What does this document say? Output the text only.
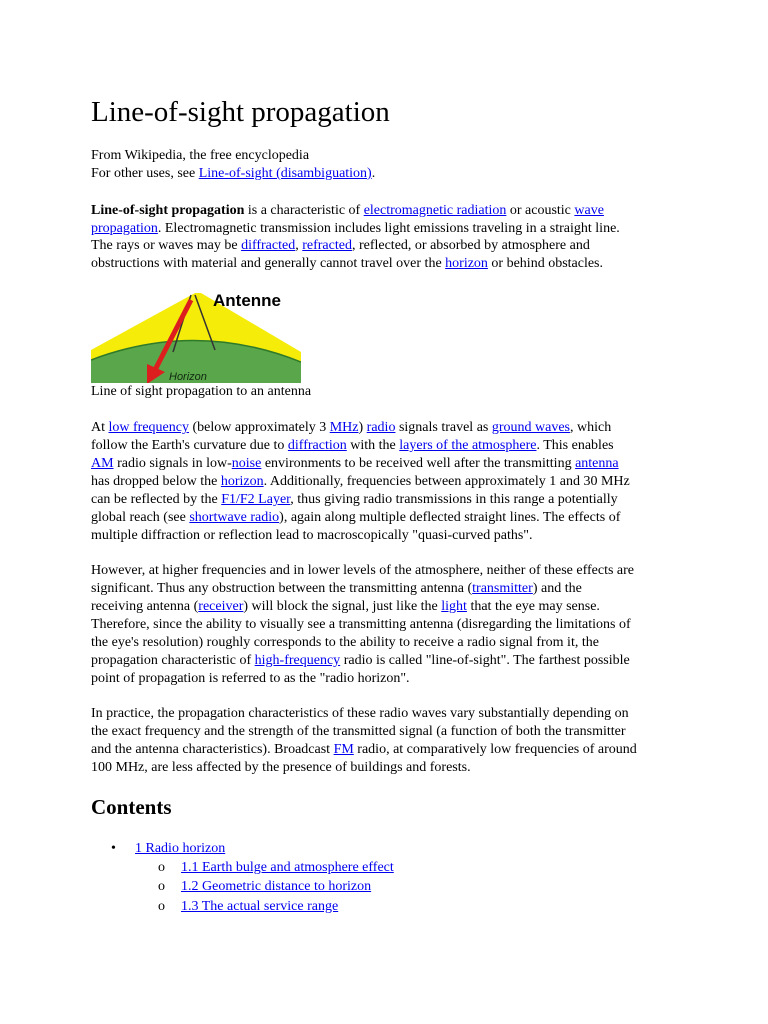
Line-of-sight propagation
From Wikipedia, the free encyclopedia
For other uses, see Line-of-sight (disambiguation).
Line-of-sight propagation is a characteristic of electromagnetic radiation or acoustic wave
propagation. Electromagnetic transmission includes light emissions traveling in a straight line.
The rays or waves may be diffracted, refracted, reflected, or absorbed by atmosphere and
obstructions with material and generally cannot travel over the horizon or behind obstacles.
Antenne
Horizon
Line of sight propagation to an antenna
At low frequency (below approximately 3 MHz) radio signals travel as ground waves, which
follow the Earth's curvature due to diffraction with the layers of the atmosphere. This enables
AM radio signals in low-noise environments to be received well after the transmitting antenna
has dropped below the horizon. Additionally, frequencies between approximately 1 and 30 MHz
can be reflected by the F1/F2 Layer, thus giving radio transmissions in this range a potentially
global reach (see shortwave radio), again along multiple deflected straight lines. The effects of
multiple diffraction or reflection lead to macroscopically "quasi-curved paths".
However, at higher frequencies and in lower levels of the atmosphere, neither of these effects are
significant. Thus any obstruction between the transmitting antenna (transmitter) and the
receiving antenna (receiver) will block the signal, just like the light that the eye may sense.
Therefore, since the ability to visually see a transmitting antenna (disregarding the limitations of
the eye's resolution) roughly corresponds to the ability to receive a radio signal from it, the
propagation characteristic of high-frequency radio is called "line-of-sight". The farthest possible
point of propagation is referred to as the "radio horizon".
In practice, the propagation characteristics of these radio waves vary substantially depending on
the exact frequency and the strength of the transmitted signal (a function of both the transmitter
and the antenna characteristics). Broadcast FM radio, at comparatively low frequencies of around
100 MHz, are less affected by the presence of buildings and forests.
Contents
• 1 Radio horizon
o 1.1 Earth bulge and atmosphere effect
o 1.2 Geometric distance to horizon
o 1.3 The actual service range
